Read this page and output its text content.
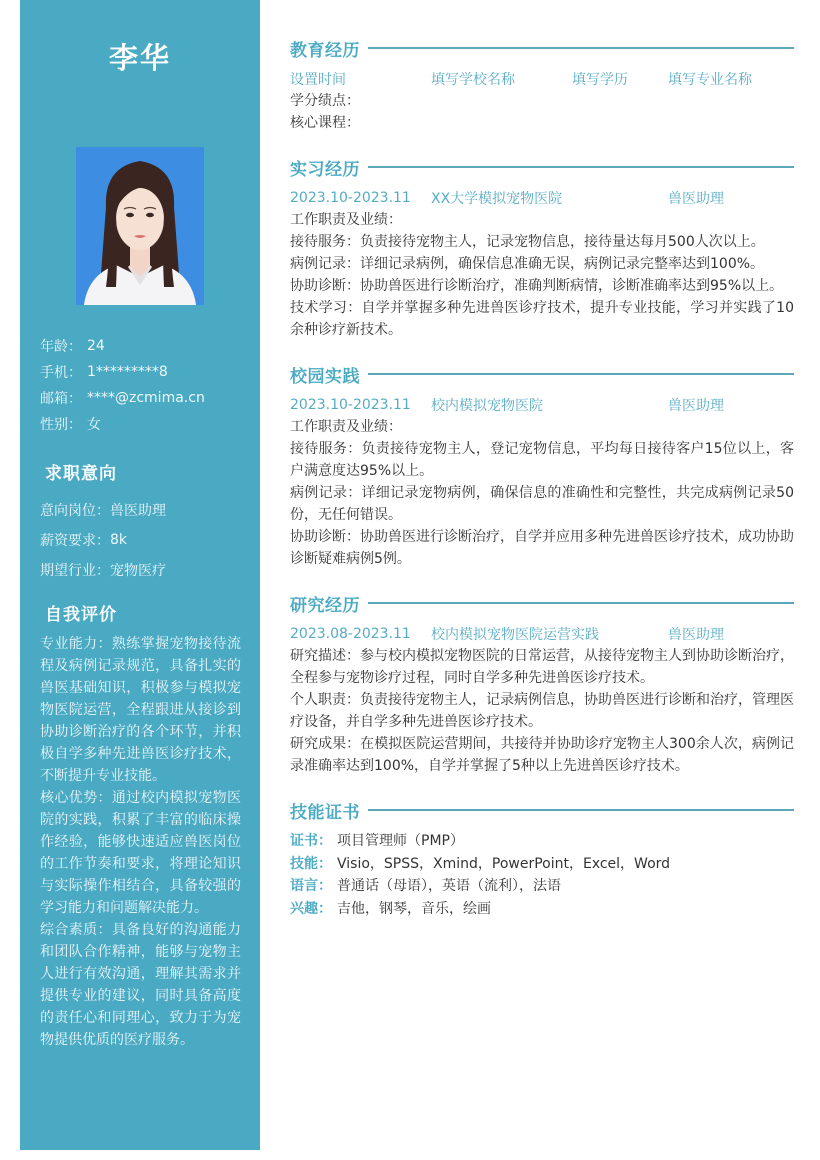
李华
年龄： 24
手机： 1*********8
邮箱： ****@zcmima.cn
性别： 女
求职意向
意向岗位： 兽医助理
薪资要求： 8k
期望行业： 宠物医疗
自我评价

专业能力：熟练掌握宠物接待流程及病例记录规范，具备扎实的兽医基础知识，积极参与模拟宠物医院运营，全程跟进从接诊到协助诊断治疗的各个环节，并积极自学多种先进兽医诊疗技术，不断提升专业技能。

核心优势：通过校内模拟宠物医院的实践，积累了丰富的临床操作经验，能够快速适应兽医岗位的工作节奏和要求，将理论知识与实际操作相结合，具备较强的学习能力和问题解决能力。

综合素质：具备良好的沟通能力和团队合作精神，能够与宠物主人进行有效沟通，理解其需求并提供专业的建议，同时具备高度的责任心和同理心，致力于为宠物提供优质的医疗服务。

教育经历
设置时间	填写学校名称	填写学历	填写专业名称

学分绩点：

核心课程：

实习经历
2023.10-2023.11	XX大学模拟宠物医院	兽医助理

工作职责及业绩：

接待服务：负责接待宠物主人，记录宠物信息，接待量达每月500人次以上。

病例记录：详细记录病例，确保信息准确无误，病例记录完整率达到100%。

协助诊断：协助兽医进行诊断治疗，准确判断病情，诊断准确率达到95%以上。

技术学习：自学并掌握多种先进兽医诊疗技术，提升专业技能，学习并实践了10余种诊疗新技术。

校园实践
2023.10-2023.11	校内模拟宠物医院	兽医助理

工作职责及业绩：

接待服务：负责接待宠物主人，登记宠物信息，平均每日接待客户15位以上，客户满意度达95%以上。

病例记录：详细记录宠物病例，确保信息的准确性和完整性，共完成病例记录50份，无任何错误。

协助诊断：协助兽医进行诊断治疗，自学并应用多种先进兽医诊疗技术，成功协助诊断疑难病例5例。

研究经历
2023.08-2023.11	校内模拟宠物医院运营实践	兽医助理

研究描述：参与校内模拟宠物医院的日常运营，从接待宠物主人到协助诊断治疗，全程参与宠物诊疗过程，同时自学多种先进兽医诊疗技术。

个人职责：负责接待宠物主人，记录病例信息，协助兽医进行诊断和治疗，管理医疗设备，并自学多种先进兽医诊疗技术。

研究成果：在模拟医院运营期间，共接待并协助诊疗宠物主人300余人次，病例记录准确率达到100%，自学并掌握了5种以上先进兽医诊疗技术。

技能证书
证书： 项目管理师（PMP）
技能： Visio，SPSS，Xmind，PowerPoint，Excel，Word
语言： 普通话（母语），英语（流利），法语
兴趣： 吉他，钢琴，音乐，绘画
